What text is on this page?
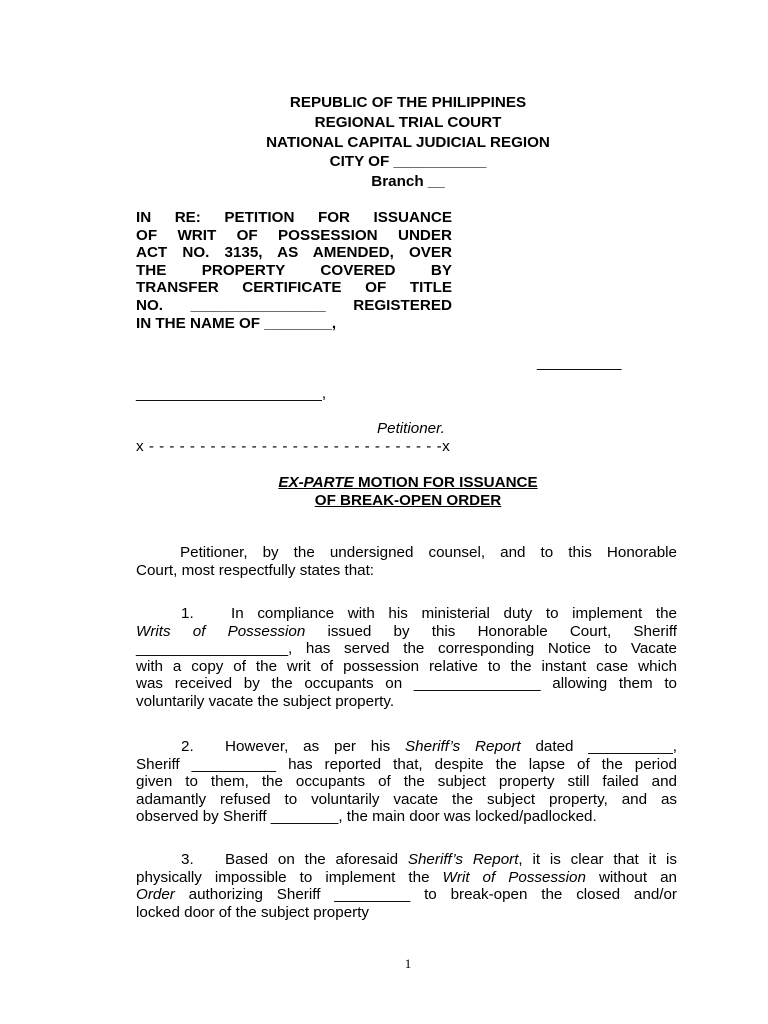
REPUBLIC OF THE PHILIPPINES
REGIONAL TRIAL COURT
NATIONAL CAPITAL JUDICIAL REGION
CITY OF ___________
Branch __
IN RE: PETITION FOR ISSUANCE
OF WRIT OF POSSESSION UNDER
ACT NO. 3135, AS AMENDED, OVER
THE PROPERTY COVERED BY
TRANSFER CERTIFICATE OF TITLE
NO. ________________ REGISTERED
IN THE NAME OF ________,
__________
______________________,
Petitioner.
x - - - - - - - - - - - - - - - - - - - - - - - - - - - - -x
EX-PARTE MOTION FOR ISSUANCE
OF BREAK-OPEN ORDER
Petitioner, by the undersigned counsel, and to this Honorable
Court, most respectfully states that:
1. In compliance with his ministerial duty to implement the
Writs of Possession issued by this Honorable Court, Sheriff
__________________, has served the corresponding Notice to Vacate
with a copy of the writ of possession relative to the instant case which
was received by the occupants on _______________ allowing them to
voluntarily vacate the subject property.
2. However, as per his Sheriff’s Report dated __________,
Sheriff __________ has reported that, despite the lapse of the period
given to them, the occupants of the subject property still failed and
adamantly refused to voluntarily vacate the subject property, and as
observed by Sheriff ________, the main door was locked/padlocked.
3. Based on the aforesaid Sheriff’s Report, it is clear that it is
physically impossible to implement the Writ of Possession without an
Order authorizing Sheriff _________ to break-open the closed and/or
locked door of the subject property
1
